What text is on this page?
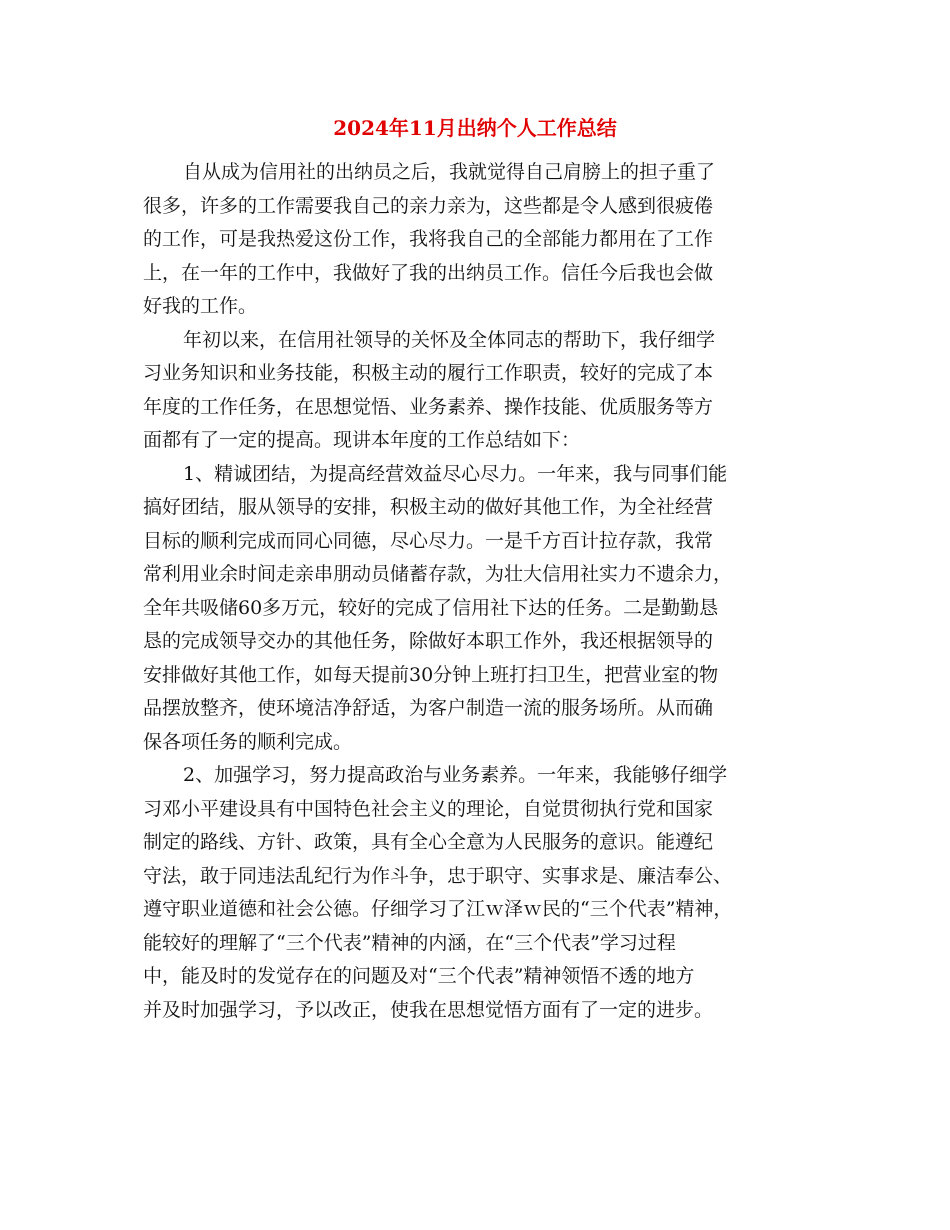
2024年11月出纳个人工作总结
自从成为信用社的出纳员之后，我就觉得自己肩膀上的担子重了
很多，许多的工作需要我自己的亲力亲为，这些都是令人感到很疲倦
的工作，可是我热爱这份工作，我将我自己的全部能力都用在了工作
上，在一年的工作中，我做好了我的出纳员工作。信任今后我也会做
好我的工作。
年初以来，在信用社领导的关怀及全体同志的帮助下，我仔细学
习业务知识和业务技能，积极主动的履行工作职责，较好的完成了本
年度的工作任务，在思想觉悟、业务素养、操作技能、优质服务等方
面都有了一定的提高。现讲本年度的工作总结如下：
1、精诚团结，为提高经营效益尽心尽力。一年来，我与同事们能
搞好团结，服从领导的安排，积极主动的做好其他工作，为全社经营
目标的顺利完成而同心同德，尽心尽力。一是千方百计拉存款，我常
常利用业余时间走亲串朋动员储蓄存款，为壮大信用社实力不遗余力，
全年共吸储60多万元，较好的完成了信用社下达的任务。二是勤勤恳
恳的完成领导交办的其他任务，除做好本职工作外，我还根据领导的
安排做好其他工作，如每天提前30分钟上班打扫卫生，把营业室的物
品摆放整齐，使环境洁净舒适，为客户制造一流的服务场所。从而确
保各项任务的顺利完成。
2、加强学习，努力提高政治与业务素养。一年来，我能够仔细学
习邓小平建设具有中国特色社会主义的理论，自觉贯彻执行党和国家
制定的路线、方针、政策，具有全心全意为人民服务的意识。能遵纪
守法，敢于同违法乱纪行为作斗争，忠于职守、实事求是、廉洁奉公、
遵守职业道德和社会公德。仔细学习了江ｗ泽ｗ民的“三个代表”精神，
能较好的理解了“三个代表”精神的内涵，在“三个代表”学习过程
中，能及时的发觉存在的问题及对“三个代表”精神领悟不透的地方
并及时加强学习，予以改正，使我在思想觉悟方面有了一定的进步。
